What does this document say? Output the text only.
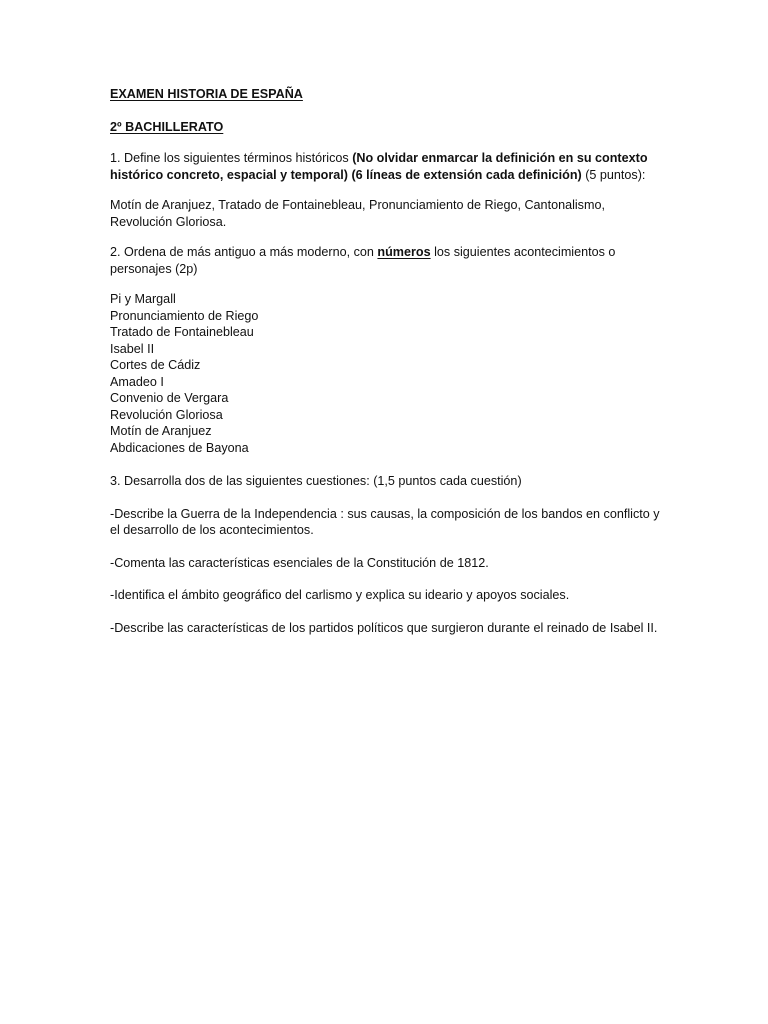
EXAMEN HISTORIA DE ESPAÑA
2º BACHILLERATO
1. Define los siguientes términos históricos (No olvidar enmarcar la definición en su contexto histórico concreto, espacial y temporal) (6 líneas de extensión cada definición) (5 puntos):
Motín de Aranjuez, Tratado de Fontainebleau, Pronunciamiento de Riego, Cantonalismo, Revolución Gloriosa.
2. Ordena de más antiguo a más moderno, con números los siguientes acontecimientos o personajes (2p)
Pi y Margall
Pronunciamiento de Riego
Tratado de Fontainebleau
Isabel II
Cortes de Cádiz
Amadeo I
Convenio de Vergara
Revolución Gloriosa
Motín de Aranjuez
Abdicaciones de Bayona
3. Desarrolla dos de las siguientes cuestiones: (1,5 puntos cada cuestión)
-Describe la Guerra de la Independencia : sus causas, la composición de los bandos en conflicto y el desarrollo de los acontecimientos.
-Comenta las características esenciales de la Constitución de 1812.
-Identifica el ámbito geográfico del carlismo y explica su ideario y apoyos sociales.
-Describe las características de los partidos políticos que surgieron durante el reinado de Isabel II.
